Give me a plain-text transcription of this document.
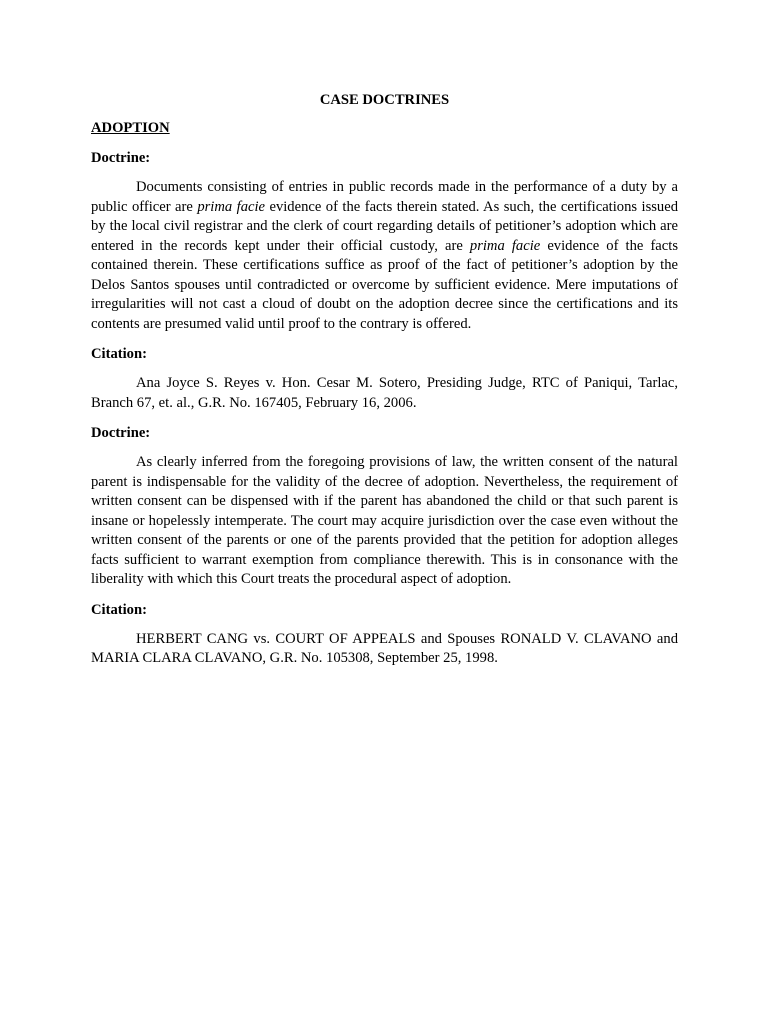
CASE DOCTRINES
ADOPTION
Doctrine:

Documents consisting of entries in public records made in the performance of a duty by a public officer are prima facie evidence of the facts therein stated. As such, the certifications issued by the local civil registrar and the clerk of court regarding details of petitioner’s adoption which are entered in the records kept under their official custody, are prima facie evidence of the facts contained therein. These certifications suffice as proof of the fact of petitioner’s adoption by the Delos Santos spouses until contradicted or overcome by sufficient evidence. Mere imputations of irregularities will not cast a cloud of doubt on the adoption decree since the certifications and its contents are presumed valid until proof to the contrary is offered.

Citation:

Ana Joyce S. Reyes v. Hon. Cesar M. Sotero, Presiding Judge, RTC of Paniqui, Tarlac, Branch 67, et. al., G.R. No. 167405, February 16, 2006.

Doctrine:

As clearly inferred from the foregoing provisions of law, the written consent of the natural parent is indispensable for the validity of the decree of adoption. Nevertheless, the requirement of written consent can be dispensed with if the parent has abandoned the child or that such parent is insane or hopelessly intemperate. The court may acquire jurisdiction over the case even without the written consent of the parents or one of the parents provided that the petition for adoption alleges facts sufficient to warrant exemption from compliance therewith. This is in consonance with the liberality with which this Court treats the procedural aspect of adoption.

Citation:

HERBERT CANG vs. COURT OF APPEALS and Spouses RONALD V. CLAVANO and MARIA CLARA CLAVANO, G.R. No. 105308, September 25, 1998.
